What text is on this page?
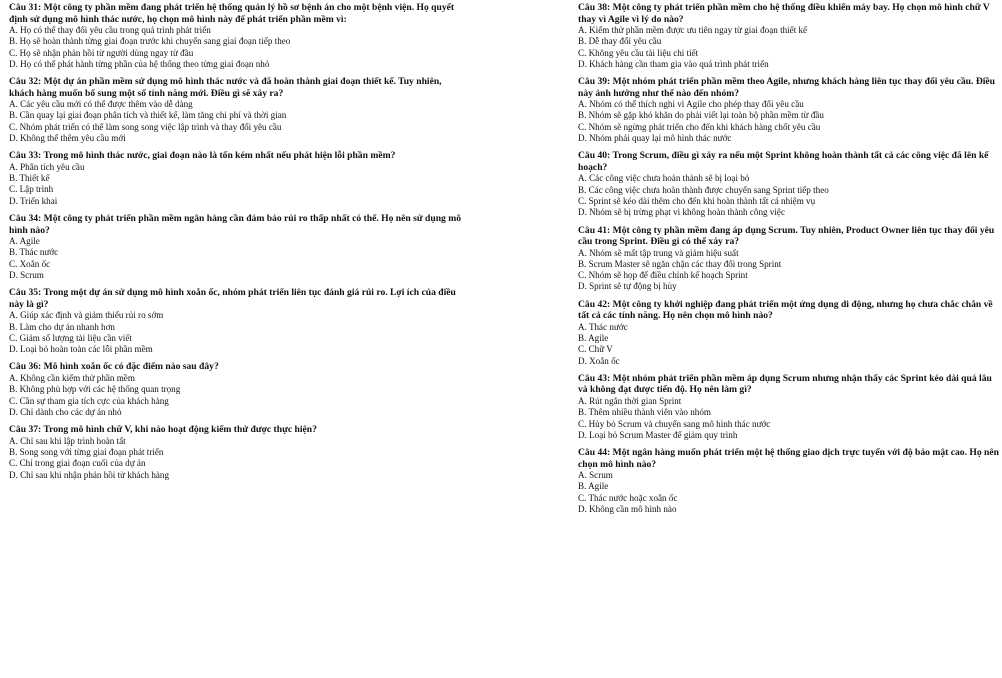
Câu 31: Một công ty phần mềm đang phát triển hệ thống quản lý hồ sơ bệnh án cho một bệnh viện. Họ quyết định sử dụng mô hình thác nước, họ chọn mô hình này để phát triển phần mềm vì:

A. Họ có thể thay đổi yêu cầu trong quá trình phát triển

B. Họ sẽ hoàn thành từng giai đoạn trước khi chuyển sang giai đoạn tiếp theo

C. Họ sẽ nhận phản hồi từ người dùng ngay từ đầu

D. Họ có thể phát hành từng phần của hệ thống theo từng giai đoạn nhỏ

Câu 32: Một dự án phần mềm sử dụng mô hình thác nước và đã hoàn thành giai đoạn thiết kế. Tuy nhiên, khách hàng muốn bổ sung một số tính năng mới. Điều gì sẽ xảy ra?

A. Các yêu cầu mới có thể được thêm vào dễ dàng

B. Cần quay lại giai đoạn phân tích và thiết kế, làm tăng chi phí và thời gian

C. Nhóm phát triển có thể làm song song việc lập trình và thay đổi yêu cầu

D. Không thể thêm yêu cầu mới

Câu 33: Trong mô hình thác nước, giai đoạn nào là tốn kém nhất nếu phát hiện lỗi phần mềm?

A. Phân tích yêu cầu

B. Thiết kế

C. Lập trình

D. Triển khai

Câu 34: Một công ty phát triển phần mềm ngân hàng cần đảm bảo rủi ro thấp nhất có thể. Họ nên sử dụng mô hình nào?

A. Agile

B. Thác nước

C. Xoắn ốc

D. Scrum

Câu 35: Trong một dự án sử dụng mô hình xoắn ốc, nhóm phát triển liên tục đánh giá rủi ro. Lợi ích của điều này là gì?

A. Giúp xác định và giảm thiểu rủi ro sớm

B. Làm cho dự án nhanh hơn

C. Giảm số lượng tài liệu cần viết

D. Loại bỏ hoàn toàn các lỗi phần mềm

Câu 36: Mô hình xoắn ốc có đặc điểm nào sau đây?

A. Không cần kiểm thử phần mềm

B. Không phù hợp với các hệ thống quan trọng

C. Cần sự tham gia tích cực của khách hàng

D. Chỉ dành cho các dự án nhỏ

Câu 37: Trong mô hình chữ V, khi nào hoạt động kiểm thử được thực hiện?

A. Chỉ sau khi lập trình hoàn tất

B. Song song với từng giai đoạn phát triển

C. Chỉ trong giai đoạn cuối của dự án

D. Chỉ sau khi nhận phản hồi từ khách hàng

Câu 38: Một công ty phát triển phần mềm cho hệ thống điều khiển máy bay. Họ chọn mô hình chữ V thay vì Agile vì lý do nào?

A. Kiểm thử phần mềm được ưu tiên ngay từ giai đoạn thiết kế

B. Dễ thay đổi yêu cầu

C. Không yêu cầu tài liệu chi tiết

D. Khách hàng cần tham gia vào quá trình phát triển

Câu 39: Một nhóm phát triển phần mềm theo Agile, nhưng khách hàng liên tục thay đổi yêu cầu. Điều này ảnh hưởng như thế nào đến nhóm?

A. Nhóm có thể thích nghi vì Agile cho phép thay đổi yêu cầu

B. Nhóm sẽ gặp khó khăn do phải viết lại toàn bộ phần mềm từ đầu

C. Nhóm sẽ ngừng phát triển cho đến khi khách hàng chốt yêu cầu

D. Nhóm phải quay lại mô hình thác nước

Câu 40: Trong Scrum, điều gì xảy ra nếu một Sprint không hoàn thành tất cả các công việc đã lên kế hoạch?

A. Các công việc chưa hoàn thành sẽ bị loại bỏ

B. Các công việc chưa hoàn thành được chuyển sang Sprint tiếp theo

C. Sprint sẽ kéo dài thêm cho đến khi hoàn thành tất cả nhiệm vụ

D. Nhóm sẽ bị trừng phạt vì không hoàn thành công việc

Câu 41: Một công ty phần mềm đang áp dụng Scrum. Tuy nhiên, Product Owner liên tục thay đổi yêu cầu trong Sprint. Điều gì có thể xảy ra?

A. Nhóm sẽ mất tập trung và giảm hiệu suất

B. Scrum Master sẽ ngăn chặn các thay đổi trong Sprint

C. Nhóm sẽ họp để điều chỉnh kế hoạch Sprint

D. Sprint sẽ tự động bị hủy

Câu 42: Một công ty khởi nghiệp đang phát triển một ứng dụng di động, nhưng họ chưa chắc chắn về tất cả các tính năng. Họ nên chọn mô hình nào?

A. Thác nước

B. Agile

C. Chữ V

D. Xoắn ốc

Câu 43: Một nhóm phát triển phần mềm áp dụng Scrum nhưng nhận thấy các Sprint kéo dài quá lâu và không đạt được tiến độ. Họ nên làm gì?

A. Rút ngắn thời gian Sprint

B. Thêm nhiều thành viên vào nhóm

C. Hủy bỏ Scrum và chuyển sang mô hình thác nước

D. Loại bỏ Scrum Master để giảm quy trình

Câu 44: Một ngân hàng muốn phát triển một hệ thống giao dịch trực tuyến với độ bảo mật cao. Họ nên chọn mô hình nào?

A. Scrum

B. Agile

C. Thác nước hoặc xoắn ốc

D. Không cần mô hình nào
